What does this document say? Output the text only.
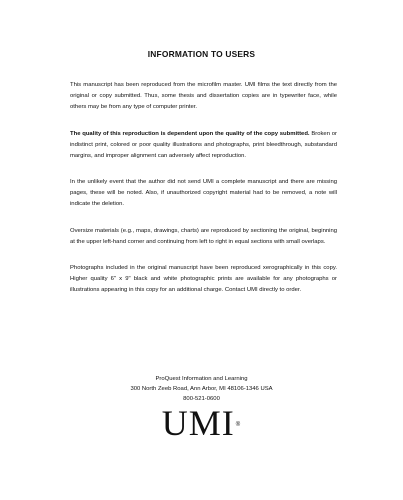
INFORMATION TO USERS

This manuscript has been reproduced from the microfilm master. UMI films the text directly from the original or copy submitted. Thus, some thesis and dissertation copies are in typewriter face, while others may be from any type of computer printer.

The quality of this reproduction is dependent upon the quality of the copy submitted. Broken or indistinct print, colored or poor quality illustrations and photographs, print bleedthrough, substandard margins, and improper alignment can adversely affect reproduction.

In the unlikely event that the author did not send UMI a complete manuscript and there are missing pages, these will be noted. Also, if unauthorized copyright material had to be removed, a note will indicate the deletion.

Oversize materials (e.g., maps, drawings, charts) are reproduced by sectioning the original, beginning at the upper left-hand corner and continuing from left to right in equal sections with small overlaps.

Photographs included in the original manuscript have been reproduced xerographically in this copy. Higher quality 6" x 9" black and white photographic prints are available for any photographs or illustrations appearing in this copy for an additional charge. Contact UMI directly to order.

ProQuest Information and Learning
300 North Zeeb Road, Ann Arbor, MI 48106-1346 USA
800-521-0600
UMI®
